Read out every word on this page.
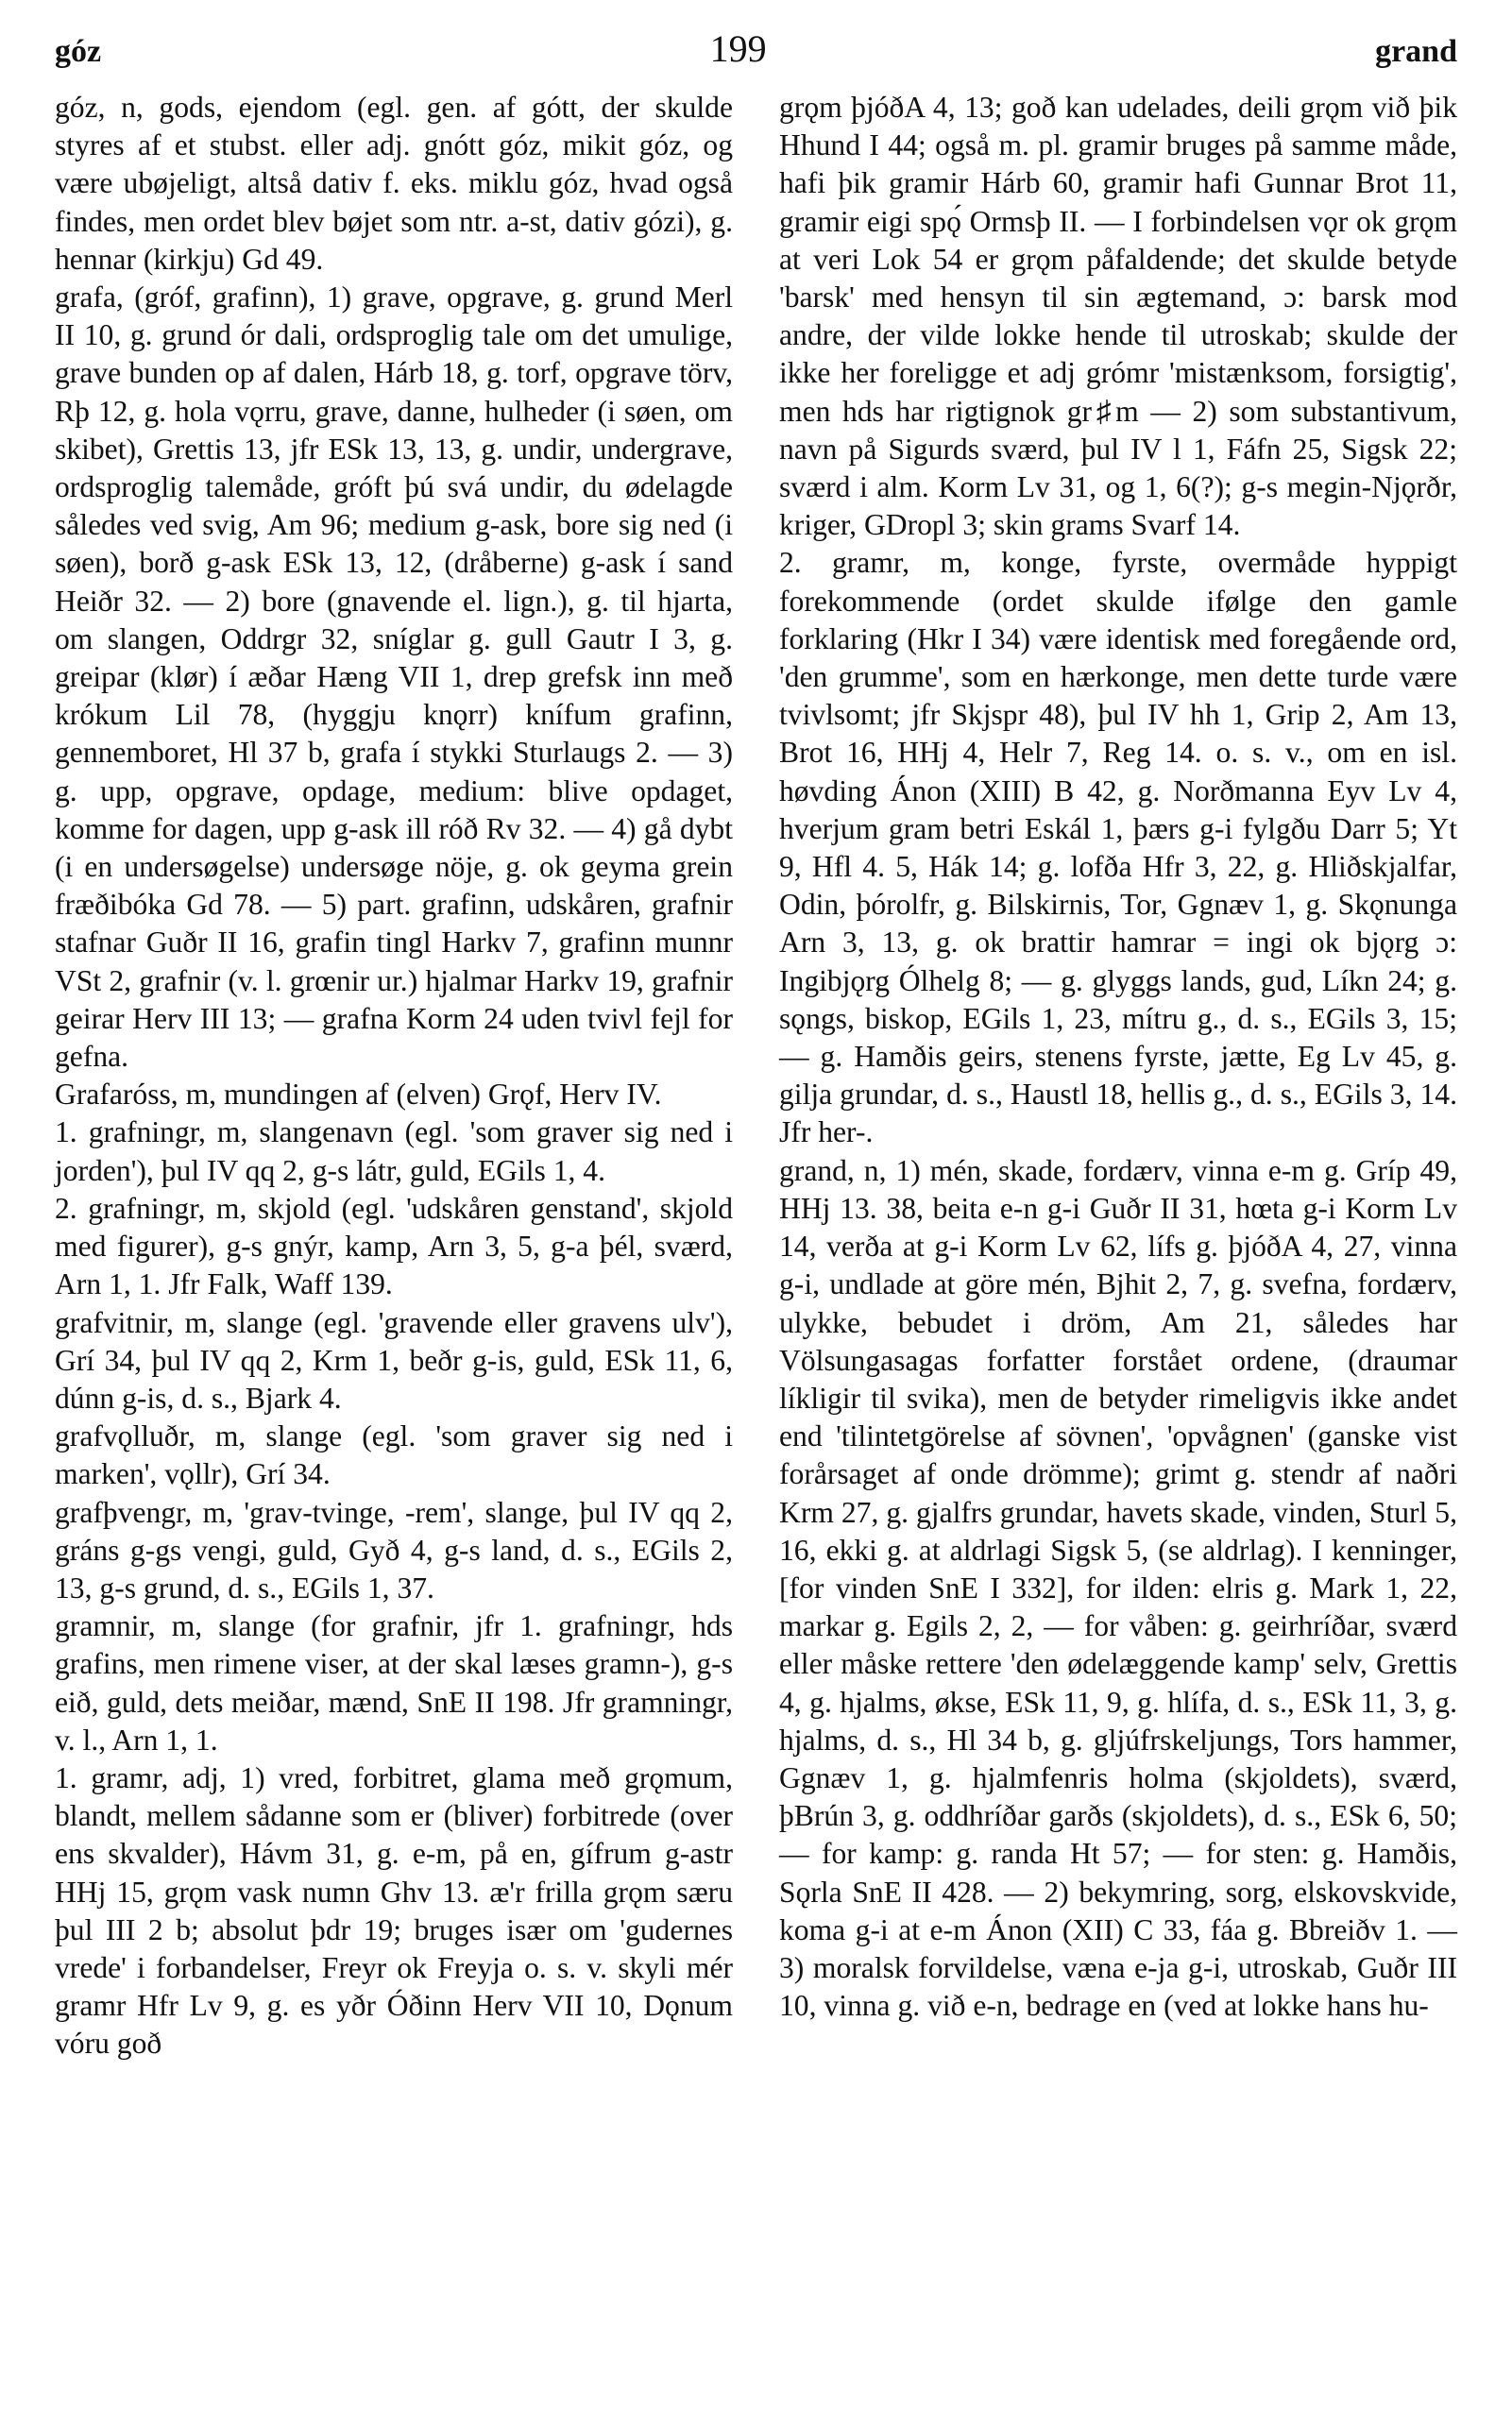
góz	199	grand

góz, n, gods, ejendom (egl. gen. af gótt, der skulde styres af et stubst. eller adj. gnótt góz, mikit góz, og være ubøjeligt, altså dativ f. eks. miklu góz, hvad også findes, men ordet blev bøjet som ntr. a-st, dativ gózi), g. hennar (kirkju) Gd 49.

grafa, (gróf, grafinn), 1) grave, opgrave, g. grund Merl II 10, g. grund ór dali, ordsproglig tale om det umulige, grave bunden op af dalen, Hárb 18, g. torf, opgrave törv, Rþ 12, g. hola vǫrru, grave, danne, hulheder (i søen, om skibet), Grettis 13, jfr ESk 13, 13, g. undir, undergrave, ordsproglig talemåde, gróft þú svá undir, du ødelagde således ved svig, Am 96; medium g-ask, bore sig ned (i søen), borð g-ask ESk 13, 12, (dråberne) g-ask í sand Heiðr 32. — 2) bore (gnavende el. lign.), g. til hjarta, om slangen, Oddrgr 32, sníglar g. gull Gautr I 3, g. greipar (klør) í æðar Hæng VII 1, drep grefsk inn með krókum Lil 78, (hyggju knǫrr) knífum grafinn, gennemboret, Hl 37 b, grafa í stykki Sturlaugs 2. — 3) g. upp, opgrave, opdage, medium: blive opdaget, komme for dagen, upp g-ask ill róð Rv 32. — 4) gå dybt (i en undersøgelse) undersøge nöje, g. ok geyma grein fræðibóka Gd 78. — 5) part. grafinn, udskåren, grafnir stafnar Guðr II 16, grafin tingl Harkv 7, grafinn munnr VSt 2, grafnir (v. l. grœnir ur.) hjalmar Harkv 19, grafnir geirar Herv III 13; — grafna Korm 24 uden tvivl fejl for gefna.

Grafaróss, m, mundingen af (elven) Grǫf, Herv IV.

1. grafningr, m, slangenavn (egl. 'som graver sig ned i jorden'), þul IV qq 2, g-s látr, guld, EGils 1, 4.

2. grafningr, m, skjold (egl. 'udskåren genstand', skjold med figurer), g-s gnýr, kamp, Arn 3, 5, g-a þél, sværd, Arn 1, 1. Jfr Falk, Waff 139.

grafvitnir, m, slange (egl. 'gravende eller gravens ulv'), Grí 34, þul IV qq 2, Krm 1, beðr g-is, guld, ESk 11, 6, dúnn g-is, d. s., Bjark 4.

grafvǫlluðr, m, slange (egl. 'som graver sig ned i marken', vǫllr), Grí 34.

grafþvengr, m, 'grav-tvinge, -rem', slange, þul IV qq 2, gráns g-gs vengi, guld, Gyð 4, g-s land, d. s., EGils 2, 13, g-s grund, d. s., EGils 1, 37.

gramnir, m, slange (for grafnir, jfr 1. grafningr, hds grafins, men rimene viser, at der skal læses gramn-), g-s eið, guld, dets meiðar, mænd, SnE II 198. Jfr gramningr, v. l., Arn 1, 1.

1. gramr, adj, 1) vred, forbitret, glama með grǫmum, blandt, mellem sådanne som er (bliver) forbitrede (over ens skvalder), Hávm 31, g. e-m, på en, gífrum g-astr HHj 15, grǫm vask numn Ghv 13. æ'r frilla grǫm særu þul III 2 b; absolut þdr 19; bruges især om 'gudernes vrede' i forbandelser, Freyr ok Freyja o. s. v. skyli mér gramr Hfr Lv 9, g. es yðr Óðinn Herv VII 10, Dǫnum vóru goð

grǫm þjóðA 4, 13; goð kan udelades, deili grǫm við þik Hhund I 44; også m. pl. gramir bruges på samme måde, hafi þik gramir Hárb 60, gramir hafi Gunnar Brot 11, gramir eigi spǫ́ Ormsþ II. — I forbindelsen vǫr ok grǫm at veri Lok 54 er grǫm påfaldende; det skulde betyde 'barsk' med hensyn til sin ægtemand, ɔ: barsk mod andre, der vilde lokke hende til utroskab; skulde der ikke her foreligge et adj grómr 'mistænksom, forsigtig', men hds har rigtignok gr♯m — 2) som substantivum, navn på Sigurds sværd, þul IV l 1, Fáfn 25, Sigsk 22; sværd i alm. Korm Lv 31, og 1, 6(?); g-s megin-Njǫrðr, kriger, GDropl 3; skin grams Svarf 14.

2. gramr, m, konge, fyrste, overmåde hyppigt forekommende (ordet skulde ifølge den gamle forklaring (Hkr I 34) være identisk med foregående ord, 'den grumme', som en hærkonge, men dette turde være tvivlsomt; jfr Skjspr 48), þul IV hh 1, Grip 2, Am 13, Brot 16, HHj 4, Helr 7, Reg 14. o. s. v., om en isl. høvding Ánon (XIII) B 42, g. Norðmanna Eyv Lv 4, hverjum gram betri Eskál 1, þærs g-i fylgðu Darr 5; Yt 9, Hfl 4. 5, Hák 14; g. lofða Hfr 3, 22, g. Hliðskjalfar, Odin, þórolfr, g. Bilskirnis, Tor, Ggnæv 1, g. Skǫnunga Arn 3, 13, g. ok brattir hamrar = ingi ok bjǫrg ɔ: Ingibjǫrg Ólhelg 8; — g. glyggs lands, gud, Líkn 24; g. sǫngs, biskop, EGils 1, 23, mítru g., d. s., EGils 3, 15; — g. Hamðis geirs, stenens fyrste, jætte, Eg Lv 45, g. gilja grundar, d. s., Haustl 18, hellis g., d. s., EGils 3, 14. Jfr her-.

grand, n, 1) mén, skade, fordærv, vinna e-m g. Gríp 49, HHj 13. 38, beita e-n g-i Guðr II 31, hœta g-i Korm Lv 14, verða at g-i Korm Lv 62, lífs g. þjóðA 4, 27, vinna g-i, undlade at göre mén, Bjhit 2, 7, g. svefna, fordærv, ulykke, bebudet i dröm, Am 21, således har Völsungasagas forfatter forstået ordene, (draumar líkligir til svika), men de betyder rimeligvis ikke andet end 'tilintetgörelse af sövnen', 'opvågnen' (ganske vist forårsaget af onde drömme); grimt g. stendr af naðri Krm 27, g. gjalfrs grundar, havets skade, vinden, Sturl 5, 16, ekki g. at aldrlagi Sigsk 5, (se aldrlag). I kenninger, [for vinden SnE I 332], for ilden: elris g. Mark 1, 22, markar g. Egils 2, 2, — for våben: g. geirhríðar, sværd eller måske rettere 'den ødelæggende kamp' selv, Grettis 4, g. hjalms, økse, ESk 11, 9, g. hlífa, d. s., ESk 11, 3, g. hjalms, d. s., Hl 34 b, g. gljúfrskeljungs, Tors hammer, Ggnæv 1, g. hjalmfenris holma (skjoldets), sværd, þBrún 3, g. oddhríðar garðs (skjoldets), d. s., ESk 6, 50; — for kamp: g. randa Ht 57; — for sten: g. Hamðis, Sǫrla SnE II 428. — 2) bekymring, sorg, elskovskvide, koma g-i at e-m Ánon (XII) C 33, fáa g. Bbreiðv 1. — 3) moralsk forvildelse, væna e-ja g-i, utroskab, Guðr III 10, vinna g. við e-n, bedrage en (ved at lokke hans hu-
